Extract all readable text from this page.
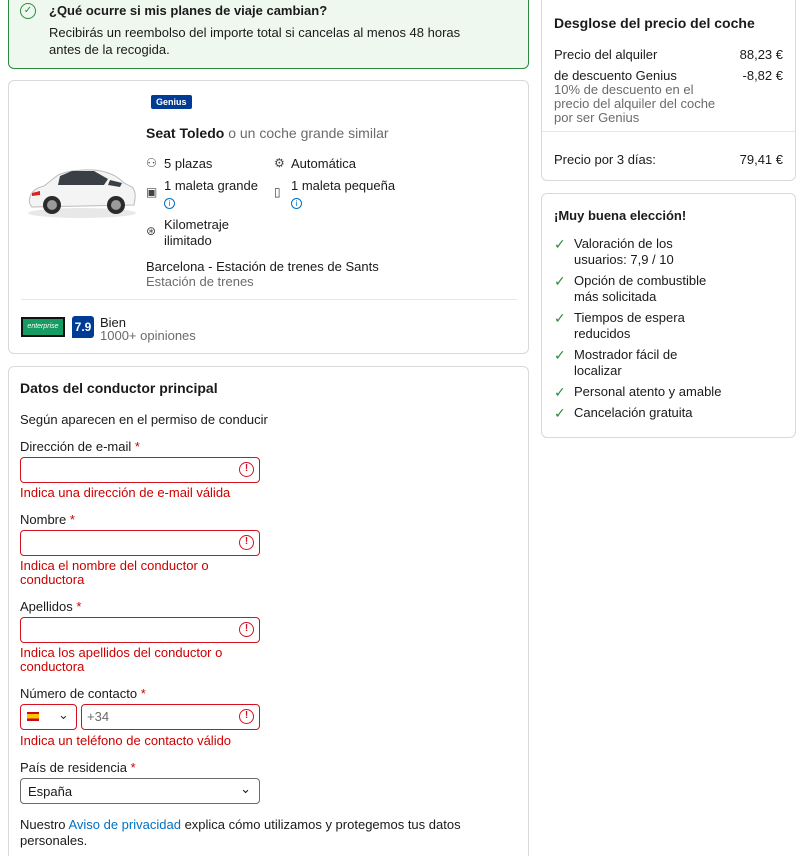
✓ ¿Qué ocurre si mis planes de viaje cambian?
Recibirás un reembolso del importe total si cancelas al menos 48 horas
antes de la recogida.
Genius
Seat Toledo o un coche grande similar
⚇ 5 plazas	⚙ Automática
▣ 1 maleta grande
i
▯ 1 maleta pequeña
i
⊛ Kilometraje
ilimitado
Barcelona - Estación de trenes de Sants
Estación de trenes
enterprise	7.9 Bien
1000+ opiniones
Datos del conductor principal
Según aparecen en el permiso de conducir
Dirección de e-mail *
!
Indica una dirección de e-mail válida
Nombre *
!
Indica el nombre del conductor o
conductora
Apellidos *
!
Indica los apellidos del conductor o
conductora
Número de contacto *
⌄ +34	!
Indica un teléfono de contacto válido
País de residencia *
España	⌄
Nuestro Aviso de privacidad explica cómo utilizamos y protegemos tus datos
personales.
Desglose del precio del coche
Precio del alquiler	88,23 €
de descuento Genius	-8,82 €
10% de descuento en el
precio del alquiler del coche
por ser Genius
Precio por 3 días:	79,41 €
¡Muy buena elección!
✓ Valoración de los
usuarios: 7,9 / 10
✓ Opción de combustible
más solicitada
✓ Tiempos de espera
reducidos
✓ Mostrador fácil de
localizar
✓ Personal atento y amable
✓ Cancelación gratuita
